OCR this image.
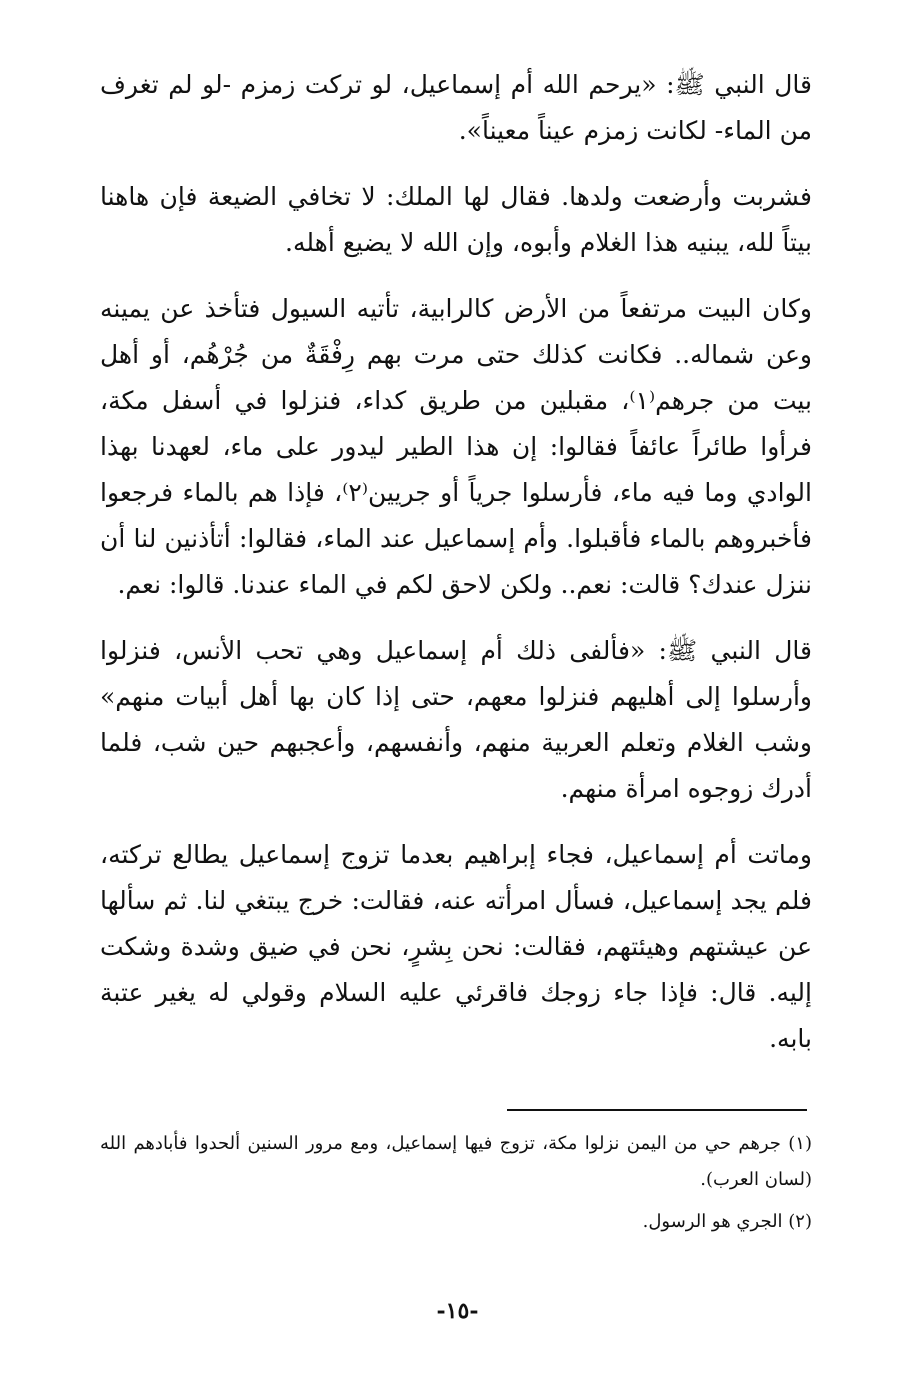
قال النبي ﷺ: «يرحم الله أم إسماعيل، لو تركت زمزم -لو لم تغرف من الماء- لكانت زمزم عيناً معيناً».

فشربت وأرضعت ولدها. فقال لها الملك: لا تخافي الضيعة فإن هاهنا بيتاً لله، يبنيه هذا الغلام وأبوه، وإن الله لا يضيع أهله.

وكان البيت مرتفعاً من الأرض كالرابية، تأتيه السيول فتأخذ عن يمينه وعن شماله.. فكانت كذلك حتى مرت بهم رِفْقَةٌ من جُرْهُم، أو أهل بيت من جرهم⁽١⁾، مقبلين من طريق كداء، فنزلوا في أسفل مكة، فرأوا طائراً عائفاً فقالوا: إن هذا الطير ليدور على ماء، لعهدنا بهذا الوادي وما فيه ماء، فأرسلوا جرياً أو جريين⁽٢⁾، فإذا هم بالماء فرجعوا فأخبروهم بالماء فأقبلوا. وأم إسماعيل عند الماء، فقالوا: أتأذنين لنا أن ننزل عندك؟ قالت: نعم.. ولكن لاحق لكم في الماء عندنا. قالوا: نعم.

قال النبي ﷺ: «فألفى ذلك أم إسماعيل وهي تحب الأنس، فنزلوا وأرسلوا إلى أهليهم فنزلوا معهم، حتى إذا كان بها أهل أبيات منهم» وشب الغلام وتعلم العربية منهم، وأنفسهم، وأعجبهم حين شب، فلما أدرك زوجوه امرأة منهم.

وماتت أم إسماعيل، فجاء إبراهيم بعدما تزوج إسماعيل يطالع تركته، فلم يجد إسماعيل، فسأل امرأته عنه، فقالت: خرج يبتغي لنا. ثم سألها عن عيشتهم وهيئتهم، فقالت: نحن بِشرٍ، نحن في ضيق وشدة وشكت إليه. قال: فإذا جاء زوجك فاقرئي عليه السلام وقولي له يغير عتبة بابه.

(١) جرهم حي من اليمن نزلوا مكة، تزوج فيها إسماعيل، ومع مرور السنين ألحدوا فأبادهم الله (لسان العرب).

(٢) الجري هو الرسول.

-١٥-
